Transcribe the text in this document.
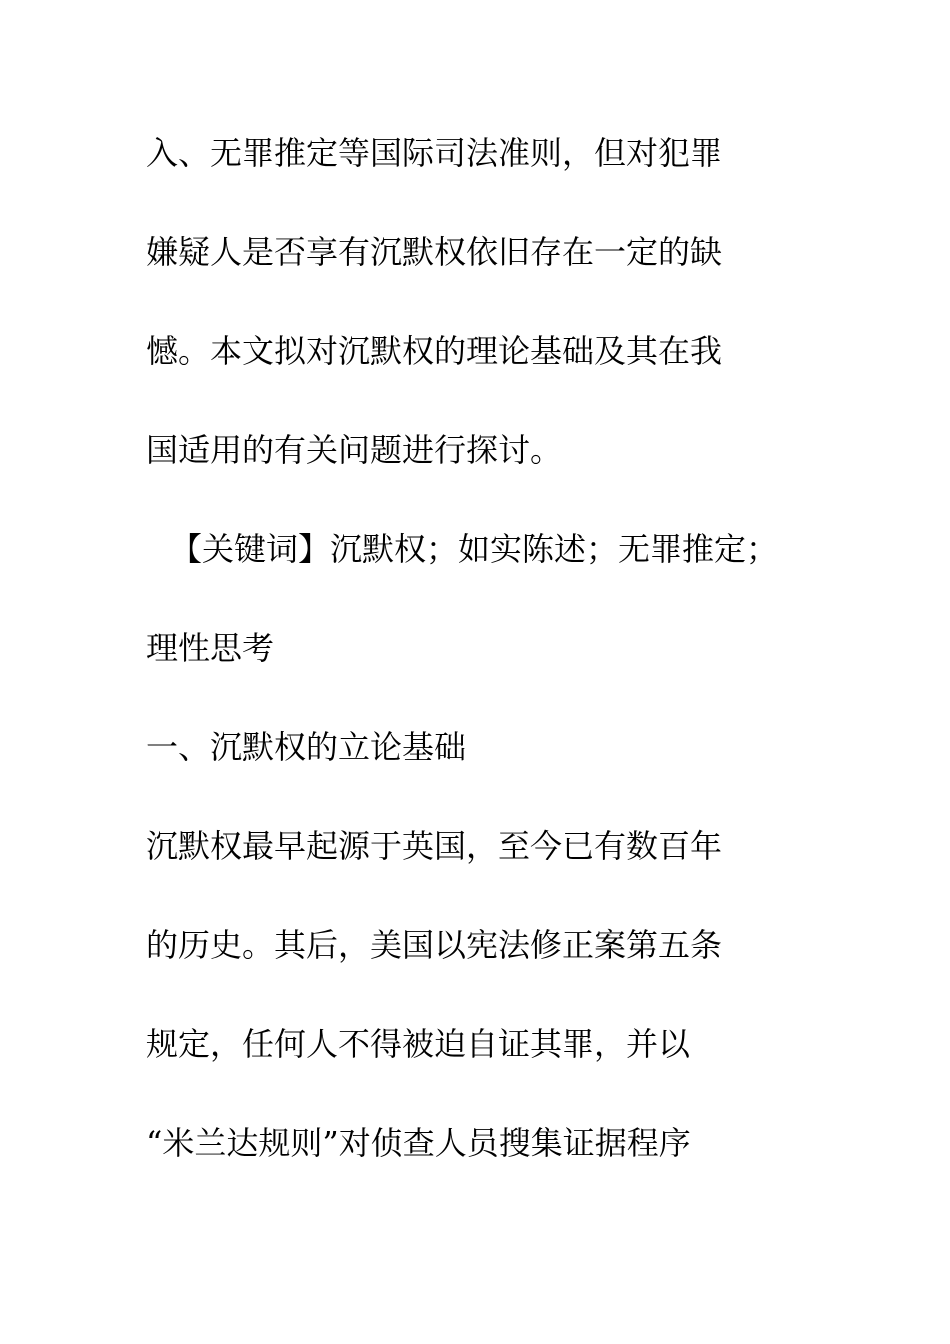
入、无罪推定等国际司法准则，但对犯罪

嫌疑人是否享有沉默权依旧存在一定的缺

憾。本文拟对沉默权的理论基础及其在我

国适用的有关问题进行探讨。

【关键词】沉默权；如实陈述；无罪推定；

理性思考

一、沉默权的立论基础

沉默权最早起源于英国，至今已有数百年

的历史。其后，美国以宪法修正案第五条

规定，任何人不得被迫自证其罪，并以

“米兰达规则”对侦查人员搜集证据程序
